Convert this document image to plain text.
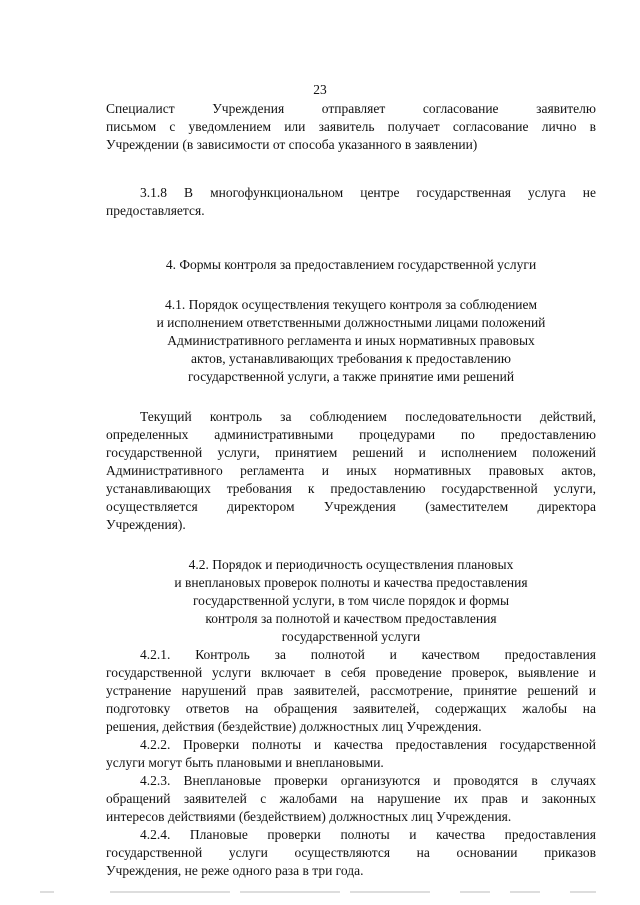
23
Специалист Учреждения отправляет согласование заявителю
письмом с уведомлением или заявитель получает согласование лично в
Учреждении (в зависимости от способа указанного в заявлении)
3.1.8 В многофункциональном центре государственная услуга не
предоставляется.
4. Формы контроля за предоставлением государственной услуги
4.1. Порядок осуществления текущего контроля за соблюдением
и исполнением ответственными должностными лицами положений
Административного регламента и иных нормативных правовых
актов, устанавливающих требования к предоставлению
государственной услуги, а также принятие ими решений
Текущий контроль за соблюдением последовательности действий,
определенных административными процедурами по предоставлению
государственной услуги, принятием решений и исполнением положений
Административного регламента и иных нормативных правовых актов,
устанавливающих требования к предоставлению государственной услуги,
осуществляется директором Учреждения (заместителем директора
Учреждения).
4.2. Порядок и периодичность осуществления плановых
и внеплановых проверок полноты и качества предоставления
государственной услуги, в том числе порядок и формы
контроля за полнотой и качеством предоставления
государственной услуги
4.2.1. Контроль за полнотой и качеством предоставления
государственной услуги включает в себя проведение проверок, выявление и
устранение нарушений прав заявителей, рассмотрение, принятие решений и
подготовку ответов на обращения заявителей, содержащих жалобы на
решения, действия (бездействие) должностных лиц Учреждения.
4.2.2. Проверки полноты и качества предоставления государственной
услуги могут быть плановыми и внеплановыми.
4.2.3. Внеплановые проверки организуются и проводятся в случаях
обращений заявителей с жалобами на нарушение их прав и законных
интересов действиями (бездействием) должностных лиц Учреждения.
4.2.4. Плановые проверки полноты и качества предоставления
государственной услуги осуществляются на основании приказов
Учреждения, не реже одного раза в три года.
